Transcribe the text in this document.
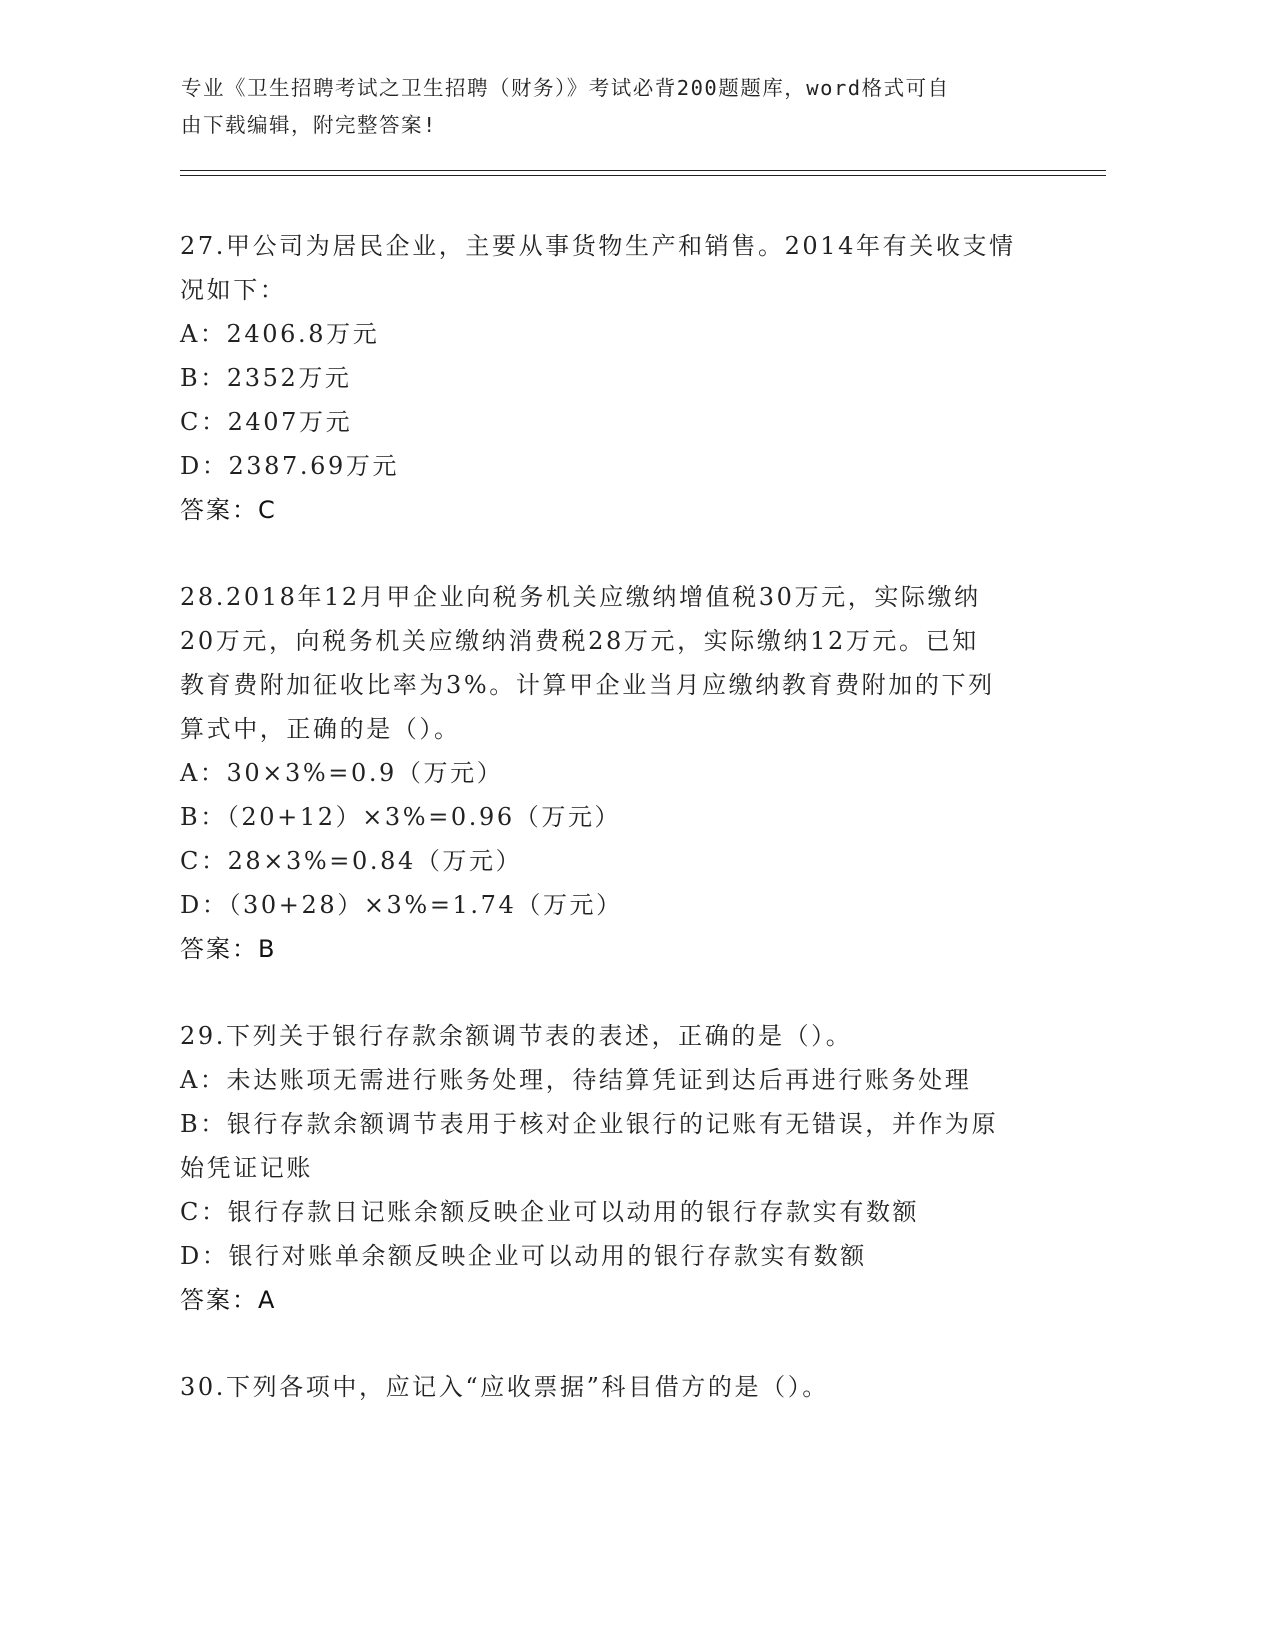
专业《卫生招聘考试之卫生招聘（财务）》考试必背200题题库，word格式可自
由下载编辑，附完整答案!

27.甲公司为居民企业，主要从事货物生产和销售。2014年有关收支情

况如下：

A：2406.8万元

B：2352万元

C：2407万元

D：2387.69万元

答案：C

28.2018年12月甲企业向税务机关应缴纳增值税30万元，实际缴纳

20万元，向税务机关应缴纳消费税28万元，实际缴纳12万元。已知

教育费附加征收比率为3%。计算甲企业当月应缴纳教育费附加的下列

算式中，正确的是（）。

A：30×3%=0.9（万元）

B：（20+12）×3%=0.96（万元）

C：28×3%=0.84（万元）

D：（30+28）×3%=1.74（万元）

答案：B

29.下列关于银行存款余额调节表的表述，正确的是（）。

A：未达账项无需进行账务处理，待结算凭证到达后再进行账务处理

B：银行存款余额调节表用于核对企业银行的记账有无错误，并作为原

始凭证记账

C：银行存款日记账余额反映企业可以动用的银行存款实有数额

D：银行对账单余额反映企业可以动用的银行存款实有数额

答案：A

30.下列各项中，应记入“应收票据”科目借方的是（）。
